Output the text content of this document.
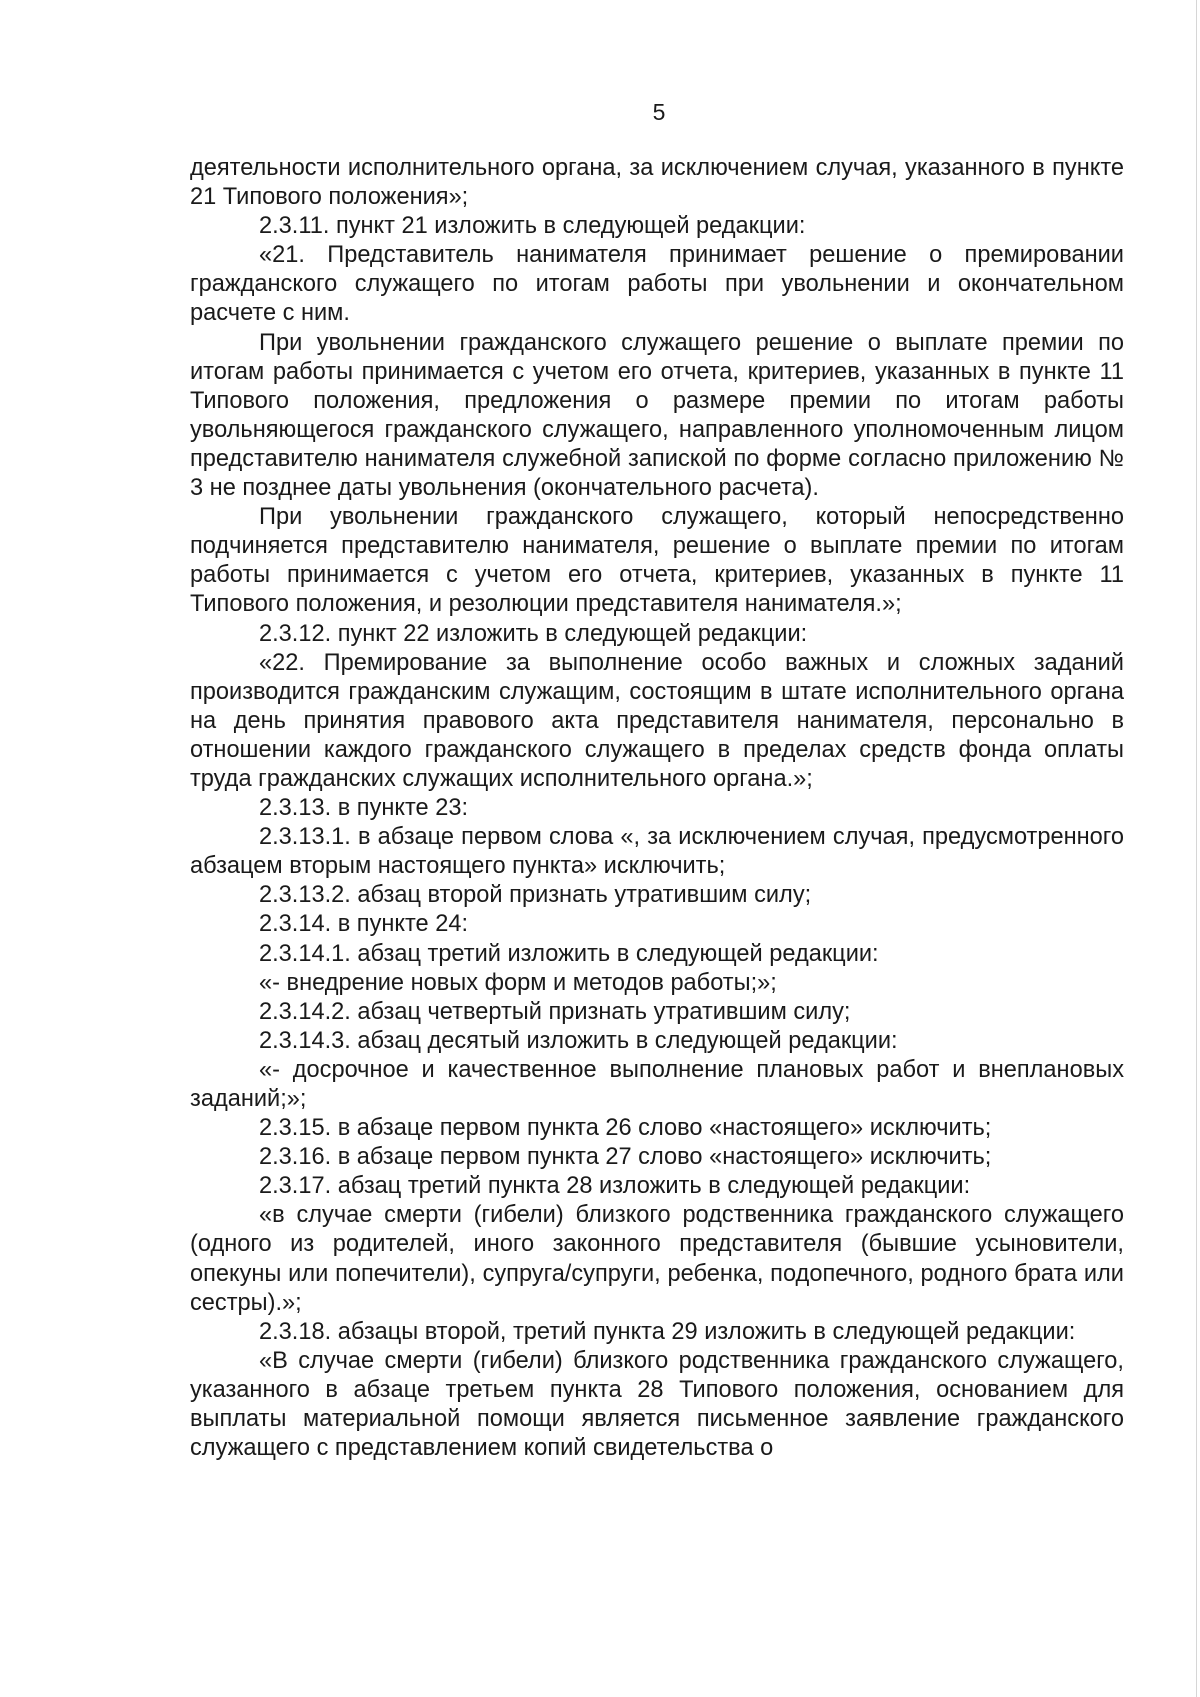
5

деятельности исполнительного органа, за исключением случая, указанного в пункте 21 Типового положения»;

2.3.11. пункт 21 изложить в следующей редакции:

«21. Представитель нанимателя принимает решение о премировании гражданского служащего по итогам работы при увольнении и окончательном расчете с ним.

При увольнении гражданского служащего решение о выплате премии по итогам работы принимается с учетом его отчета, критериев, указанных в пункте 11 Типового положения, предложения о размере премии по итогам работы увольняющегося гражданского служащего, направленного уполномоченным лицом представителю нанимателя служебной запиской по форме согласно приложению № 3 не позднее даты увольнения (окончательного расчета).

При увольнении гражданского служащего, который непосредственно подчиняется представителю нанимателя, решение о выплате премии по итогам работы принимается с учетом его отчета, критериев, указанных в пункте 11 Типового положения, и резолюции представителя нанимателя.»;

2.3.12. пункт 22 изложить в следующей редакции:

«22. Премирование за выполнение особо важных и сложных заданий производится гражданским служащим, состоящим в штате исполнительного органа на день принятия правового акта представителя нанимателя, персонально в отношении каждого гражданского служащего в пределах средств фонда оплаты труда гражданских служащих исполнительного органа.»;

2.3.13. в пункте 23:

2.3.13.1. в абзаце первом слова «, за исключением случая, предусмотренного абзацем вторым настоящего пункта» исключить;

2.3.13.2. абзац второй признать утратившим силу;

2.3.14. в пункте 24:

2.3.14.1. абзац третий изложить в следующей редакции:

«- внедрение новых форм и методов работы;»;

2.3.14.2. абзац четвертый признать утратившим силу;

2.3.14.3. абзац десятый изложить в следующей редакции:

«- досрочное и качественное выполнение плановых работ и внеплановых заданий;»;

2.3.15. в абзаце первом пункта 26 слово «настоящего» исключить;

2.3.16. в абзаце первом пункта 27 слово «настоящего» исключить;

2.3.17. абзац третий пункта 28 изложить в следующей редакции:

«в случае смерти (гибели) близкого родственника гражданского служащего (одного из родителей, иного законного представителя (бывшие усыновители, опекуны или попечители), супруга/супруги, ребенка, подопечного, родного брата или сестры).»;

2.3.18. абзацы второй, третий пункта 29 изложить в следующей редакции:

«В случае смерти (гибели) близкого родственника гражданского служащего, указанного в абзаце третьем пункта 28 Типового положения, основанием для выплаты материальной помощи является письменное заявление гражданского служащего с представлением копий свидетельства о
